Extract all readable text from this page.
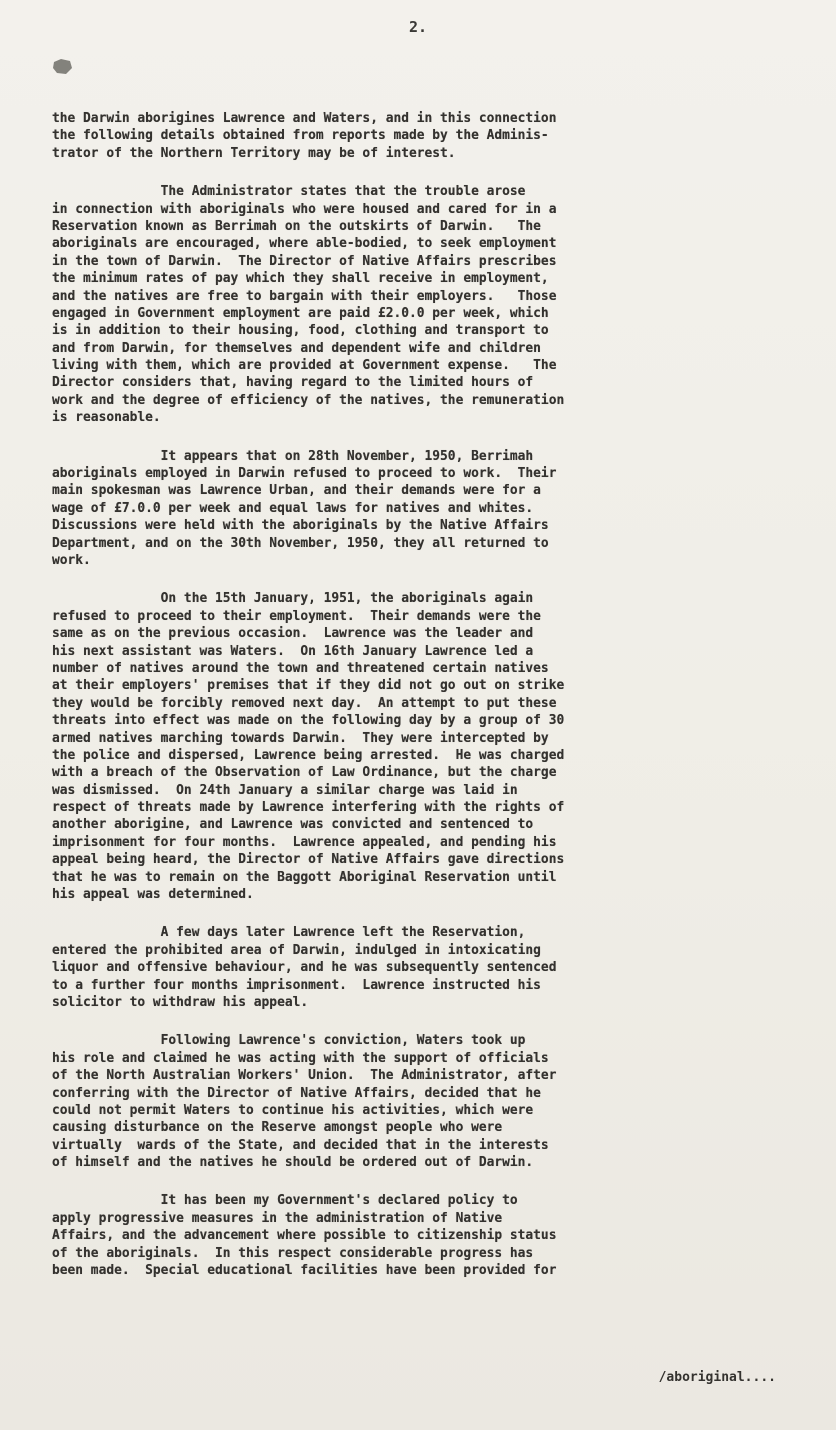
2.

the Darwin aborigines Lawrence and Waters, and in this connection
the following details obtained from reports made by the Adminis-
trator of the Northern Territory may be of interest.
The Administrator states that the trouble arose
in connection with aboriginals who were housed and cared for in a
Reservation known as Berrimah on the outskirts of Darwin.   The
aboriginals are encouraged, where able-bodied, to seek employment
in the town of Darwin.  The Director of Native Affairs prescribes
the minimum rates of pay which they shall receive in employment,
and the natives are free to bargain with their employers.   Those
engaged in Government employment are paid £2.0.0 per week, which
is in addition to their housing, food, clothing and transport to
and from Darwin, for themselves and dependent wife and children
living with them, which are provided at Government expense.   The
Director considers that, having regard to the limited hours of
work and the degree of efficiency of the natives, the remuneration
is reasonable.
It appears that on 28th November, 1950, Berrimah
aboriginals employed in Darwin refused to proceed to work.  Their
main spokesman was Lawrence Urban, and their demands were for a
wage of £7.0.0 per week and equal laws for natives and whites.
Discussions were held with the aboriginals by the Native Affairs
Department, and on the 30th November, 1950, they all returned to
work.
On the 15th January, 1951, the aboriginals again
refused to proceed to their employment.  Their demands were the
same as on the previous occasion.  Lawrence was the leader and
his next assistant was Waters.  On 16th January Lawrence led a
number of natives around the town and threatened certain natives
at their employers' premises that if they did not go out on strike
they would be forcibly removed next day.  An attempt to put these
threats into effect was made on the following day by a group of 30
armed natives marching towards Darwin.  They were intercepted by
the police and dispersed, Lawrence being arrested.  He was charged
with a breach of the Observation of Law Ordinance, but the charge
was dismissed.  On 24th January a similar charge was laid in
respect of threats made by Lawrence interfering with the rights of
another aborigine, and Lawrence was convicted and sentenced to
imprisonment for four months.  Lawrence appealed, and pending his
appeal being heard, the Director of Native Affairs gave directions
that he was to remain on the Baggott Aboriginal Reservation until
his appeal was determined.
A few days later Lawrence left the Reservation,
entered the prohibited area of Darwin, indulged in intoxicating
liquor and offensive behaviour, and he was subsequently sentenced
to a further four months imprisonment.  Lawrence instructed his
solicitor to withdraw his appeal.
Following Lawrence's conviction, Waters took up
his role and claimed he was acting with the support of officials
of the North Australian Workers' Union.  The Administrator, after
conferring with the Director of Native Affairs, decided that he
could not permit Waters to continue his activities, which were
causing disturbance on the Reserve amongst people who were
virtually  wards of the State, and decided that in the interests
of himself and the natives he should be ordered out of Darwin.
It has been my Government's declared policy to
apply progressive measures in the administration of Native
Affairs, and the advancement where possible to citizenship status
of the aboriginals.  In this respect considerable progress has
been made.  Special educational facilities have been provided for

/aboriginal....
